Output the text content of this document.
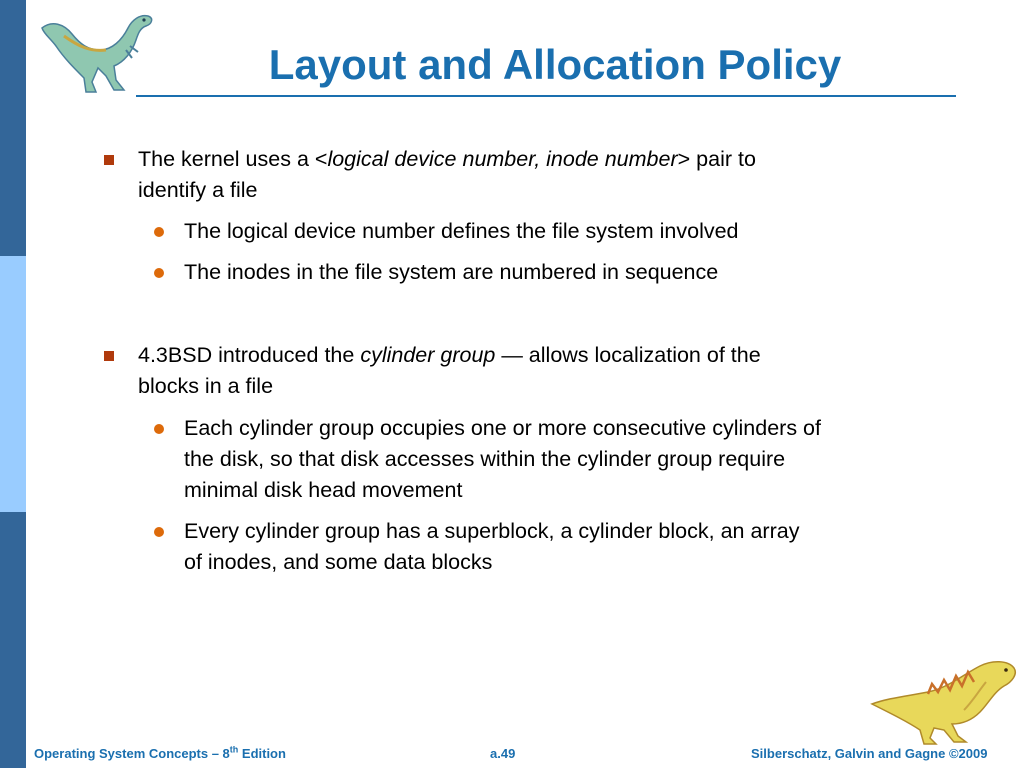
Layout and Allocation Policy
The kernel uses a <logical device number, inode number> pair to
identify a file
The logical device number defines the file system involved
The inodes in the file system are numbered in sequence
4.3BSD introduced the cylinder group — allows localization of the
blocks in a file
Each cylinder group occupies one or more consecutive cylinders of
the disk, so that disk accesses within the cylinder group require
minimal disk head movement
Every cylinder group has a superblock, a cylinder block, an array
of inodes, and some data blocks
Operating System Concepts – 8th Edition	a.49	Silberschatz, Galvin and Gagne ©2009
